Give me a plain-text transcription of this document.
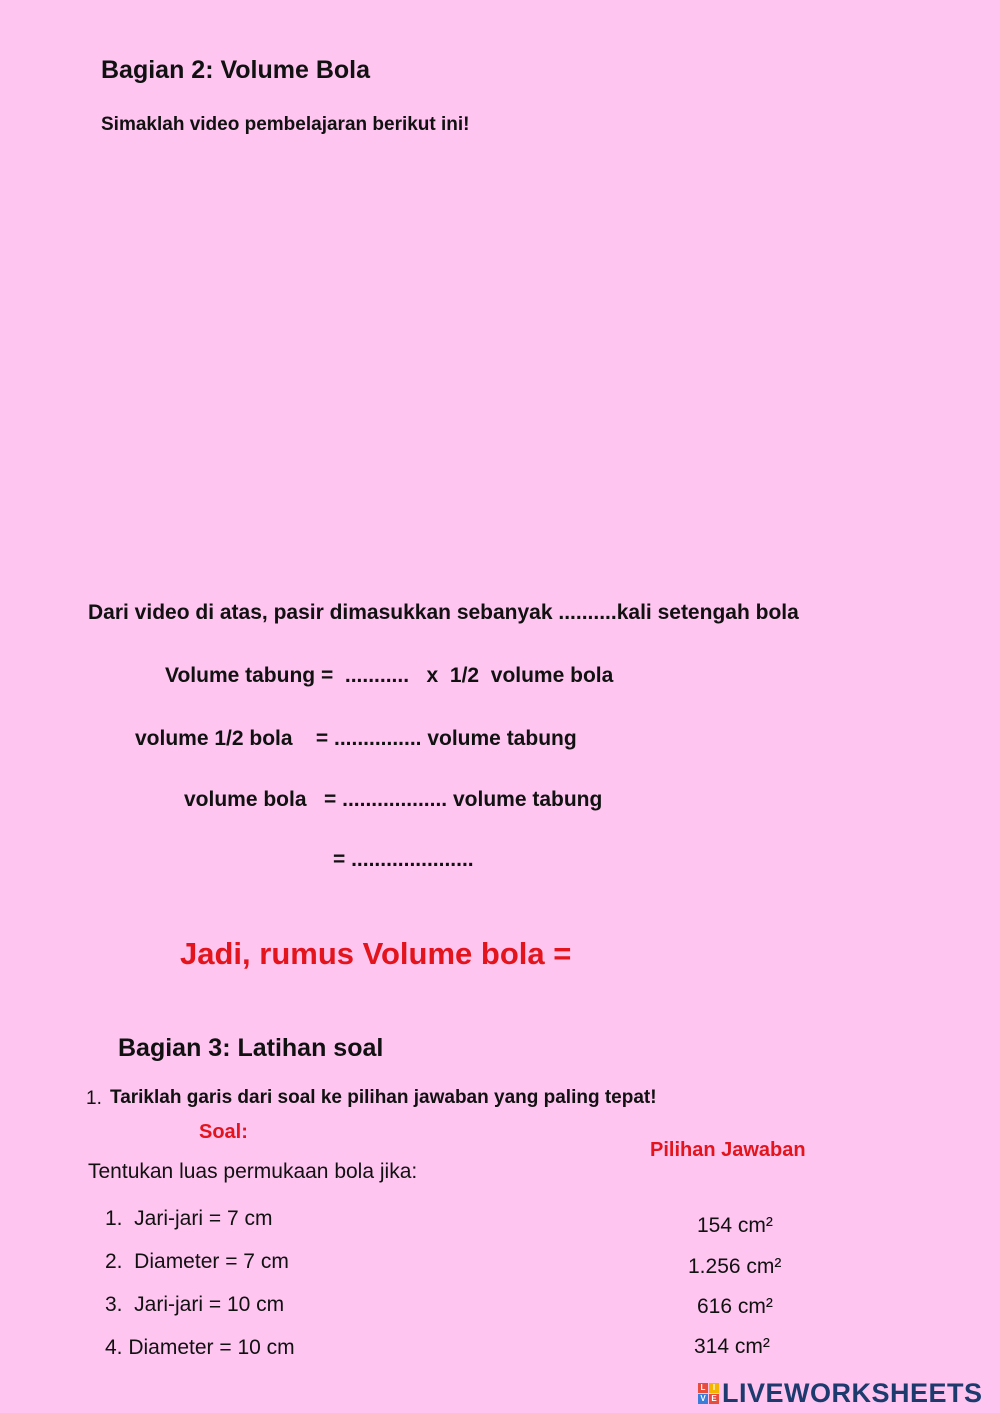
Bagian 2: Volume Bola
Simaklah video pembelajaran berikut ini!
Dari video di atas, pasir dimasukkan sebanyak ..........kali setengah bola
Volume tabung =  ...........   x  1/2  volume bola
volume 1/2 bola    = ............... volume tabung
volume bola   = .................. volume tabung
= .....................
Jadi, rumus Volume bola =
Bagian 3: Latihan soal
1. Tariklah garis dari soal ke pilihan jawaban yang paling tepat!
Soal:
Pilihan Jawaban
Tentukan luas permukaan bola jika:
1.  Jari-jari = 7 cm
2.  Diameter = 7 cm
3.  Jari-jari = 10 cm
4. Diameter = 10 cm
154 cm²
1.256 cm²
616 cm²
314 cm²
L I
V E LIVEWORKSHEETS
